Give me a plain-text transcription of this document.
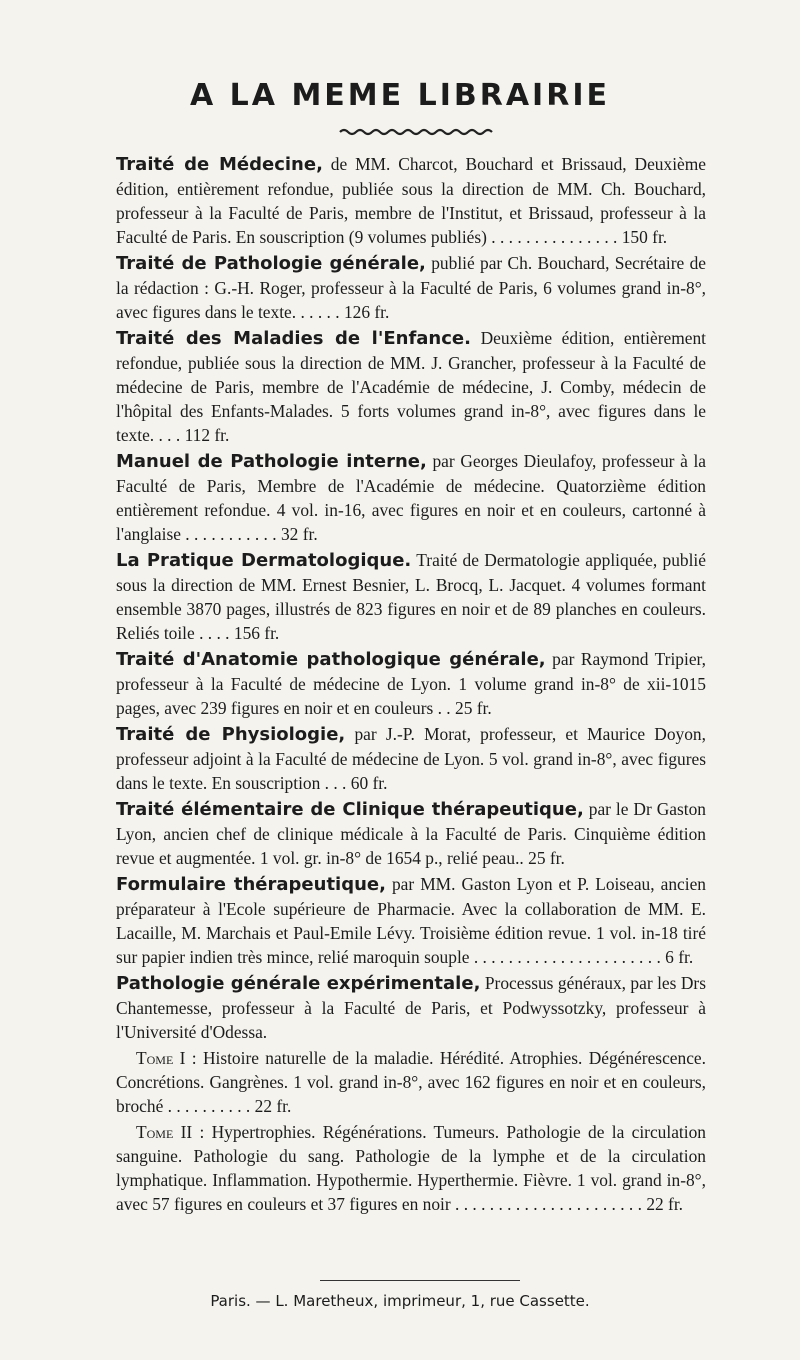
A LA MEME LIBRAIRIE
Traité de Médecine, de MM. Charcot, Bouchard et Brissaud, Deuxième édition, entièrement refondue, publiée sous la direction de MM. Ch. Bouchard, professeur à la Faculté de Paris, membre de l'Institut, et Brissaud, professeur à la Faculté de Paris. En souscription (9 volumes publiés) . . . . . . . . . . . . . . . 150 fr.
Traité de Pathologie générale, publié par Ch. Bouchard, Secrétaire de la rédaction : G.-H. Roger, professeur à la Faculté de Paris, 6 volumes grand in-8°, avec figures dans le texte. . . . . . 126 fr.
Traité des Maladies de l'Enfance. Deuxième édition, entièrement refondue, publiée sous la direction de MM. J. Grancher, professeur à la Faculté de médecine de Paris, membre de l'Académie de médecine, J. Comby, médecin de l'hôpital des Enfants-Malades. 5 forts volumes grand in-8°, avec figures dans le texte. . . . 112 fr.
Manuel de Pathologie interne, par Georges Dieulafoy, professeur à la Faculté de Paris, Membre de l'Académie de médecine. Quatorzième édition entièrement refondue. 4 vol. in-16, avec figures en noir et en couleurs, cartonné à l'anglaise . . . . . . . . . . . 32 fr.
La Pratique Dermatologique. Traité de Dermatologie appliquée, publié sous la direction de MM. Ernest Besnier, L. Brocq, L. Jacquet. 4 volumes formant ensemble 3870 pages, illustrés de 823 figures en noir et de 89 planches en couleurs. Reliés toile . . . . 156 fr.
Traité d'Anatomie pathologique générale, par Raymond Tripier, professeur à la Faculté de médecine de Lyon. 1 volume grand in-8° de xii-1015 pages, avec 239 figures en noir et en couleurs . . 25 fr.
Traité de Physiologie, par J.-P. Morat, professeur, et Maurice Doyon, professeur adjoint à la Faculté de médecine de Lyon. 5 vol. grand in-8°, avec figures dans le texte. En souscription . . . 60 fr.
Traité élémentaire de Clinique thérapeutique, par le Dr Gaston Lyon, ancien chef de clinique médicale à la Faculté de Paris. Cinquième édition revue et augmentée. 1 vol. gr. in-8° de 1654 p., relié peau.. 25 fr.
Formulaire thérapeutique, par MM. Gaston Lyon et P. Loiseau, ancien préparateur à l'Ecole supérieure de Pharmacie. Avec la collaboration de MM. E. Lacaille, M. Marchais et Paul-Emile Lévy. Troisième édition revue. 1 vol. in-18 tiré sur papier indien très mince, relié maroquin souple . . . . . . . . . . . . . . . . . . . . . . 6 fr.
Pathologie générale expérimentale, Processus généraux, par les Drs Chantemesse, professeur à la Faculté de Paris, et Podwyssotzky, professeur à l'Université d'Odessa.
Tome I : Histoire naturelle de la maladie. Hérédité. Atrophies. Dégénérescence. Concrétions. Gangrènes. 1 vol. grand in-8°, avec 162 figures en noir et en couleurs, broché . . . . . . . . . . 22 fr.
Tome II : Hypertrophies. Régénérations. Tumeurs. Pathologie de la circulation sanguine. Pathologie du sang. Pathologie de la lymphe et de la circulation lymphatique. Inflammation. Hypothermie. Hyperthermie. Fièvre. 1 vol. grand in-8°, avec 57 figures en couleurs et 37 figures en noir . . . . . . . . . . . . . . . . . . . . . . 22 fr.
Paris. — L. Maretheux, imprimeur, 1, rue Cassette.
